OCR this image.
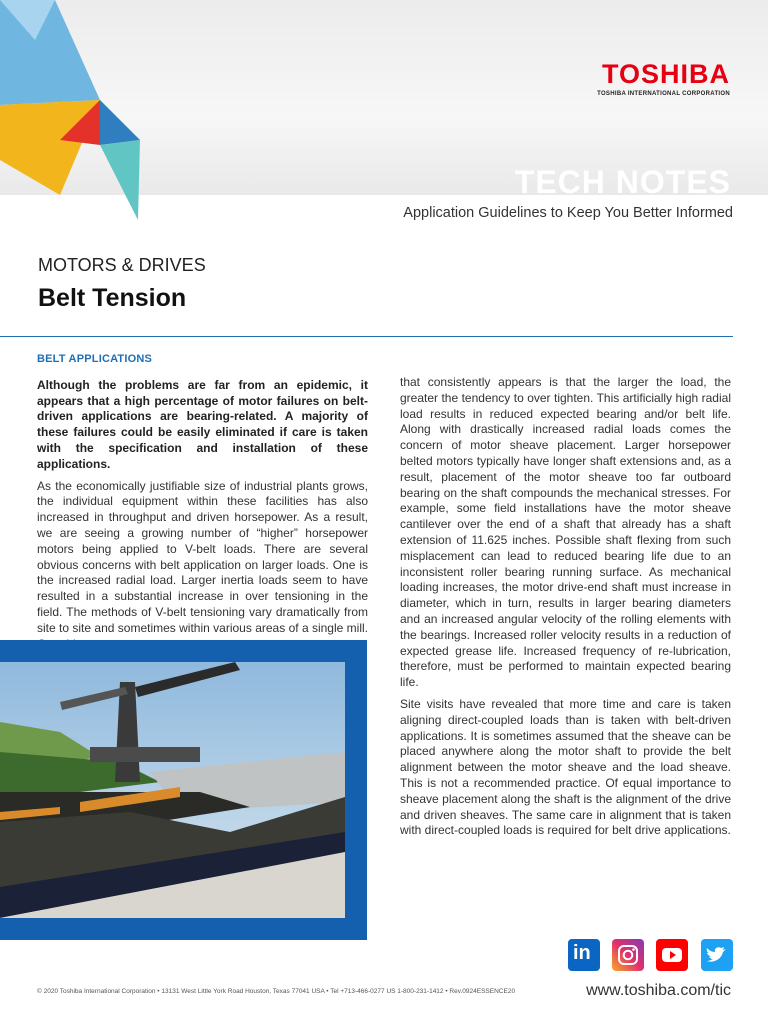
TOSHIBA
TOSHIBA INTERNATIONAL CORPORATION
TECH NOTES
Application Guidelines to Keep You Better Informed
MOTORS & DRIVES
Belt Tension
BELT APPLICATIONS

Although the problems are far from an epidemic, it appears that a high percentage of motor failures on belt-driven applications are bearing-related. A majority of these failures could be easily eliminated if care is taken with the specification and installation of these applications.

As the economically justifiable size of industrial plants grows, the individual equipment within these facilities has also increased in throughput and driven horsepower. As a result, we are seeing a growing number of “higher” horsepower motors being applied to V-belt loads. There are several obvious concerns with belt application on larger loads. One is the increased radial load. Larger inertia loads seem to have resulted in a substantial increase in over tensioning in the field. The methods of V-belt tensioning vary dramatically from site to site and sometimes within various areas of a single mill.

that consistently appears is that the larger the load, the greater the tendency to over tighten. This artificially high radial load results in reduced expected bearing and/or belt life. Along with drastically increased radial loads comes the concern of motor sheave placement. Larger horsepower belted motors typically have longer shaft extensions and, as a result, placement of the motor sheave too far outboard bearing on the shaft compounds the mechanical stresses. For example, some field installations have the motor sheave cantilever over the end of a shaft that already has a shaft extension of 11.625 inches. Possible shaft flexing from such misplacement can lead to reduced bearing life due to an inconsistent roller bearing running surface. As mechanical loading increases, the motor drive-end shaft must increase in diameter, which in turn, results in larger bearing diameters and an increased angular velocity of the rolling elements with the bearings. Increased roller velocity results in a reduction of expected grease life. Increased frequency of re-lubrication, therefore, must be performed to maintain expected bearing life.

Site visits have revealed that more time and care is taken aligning direct-coupled loads than is taken with belt-driven applications. It is sometimes assumed that the sheave can be placed anywhere along the motor shaft to provide the belt alignment between the motor sheave and the load sheave. This is not a recommended practice. Of equal importance to sheave placement along the shaft is the alignment of the drive and driven sheaves. The same care in alignment that is taken with direct-coupled loads is required for belt drive applications.

in
© 2020 Toshiba International Corporation • 13131 West Little York Road Houston, Texas 77041 USA • Tel +713-466-0277 US 1-800-231-1412 • Rev.0924ESSENCE20	www.toshiba.com/tic
